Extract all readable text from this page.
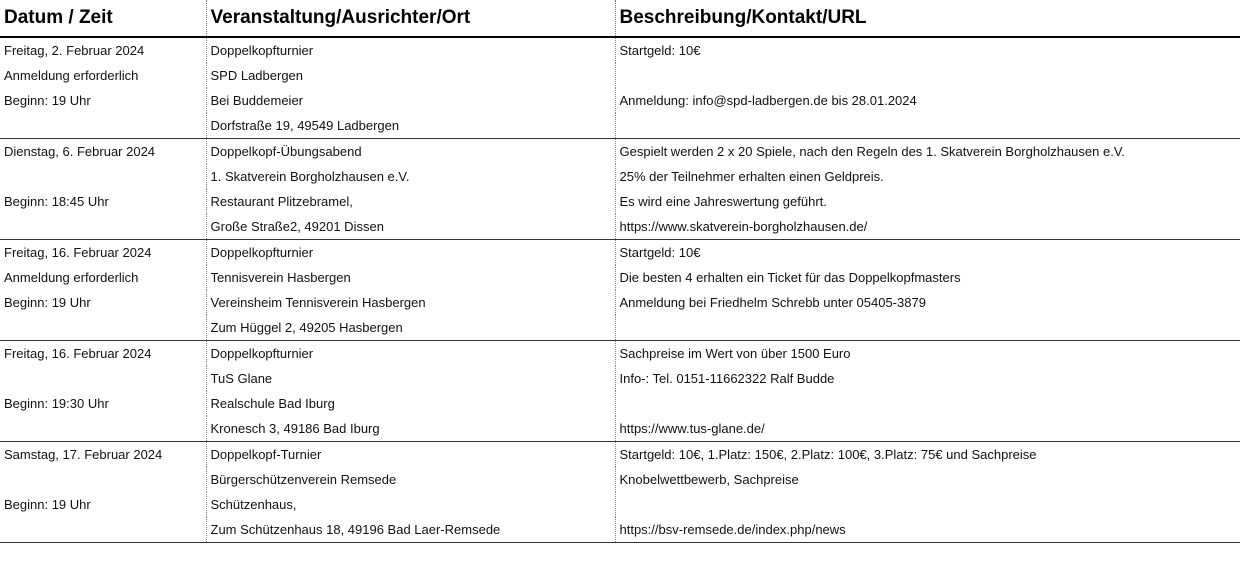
Datum / Zeit	Veranstaltung/Ausrichter/Ort	Beschreibung/Kontakt/URL
Freitag, 2. Februar 2024	Doppelkopfturnier	Startgeld: 10€
Anmeldung erforderlich	SPD Ladbergen	
Beginn: 19 Uhr	Bei Buddemeier	Anmeldung: info@spd-ladbergen.de bis 28.01.2024
	Dorfstraße 19, 49549 Ladbergen	
Dienstag, 6. Februar 2024	Doppelkopf-Übungsabend	Gespielt werden 2 x 20 Spiele, nach den Regeln des 1. Skatverein Borgholzhausen e.V.
	1. Skatverein Borgholzhausen e.V.	25% der Teilnehmer erhalten einen Geldpreis.
Beginn: 18:45 Uhr	Restaurant Plitzebramel,	Es wird eine Jahreswertung geführt.
	Große Straße2, 49201 Dissen	https://www.skatverein-borgholzhausen.de/
Freitag, 16. Februar 2024	Doppelkopfturnier	Startgeld: 10€
Anmeldung erforderlich	Tennisverein Hasbergen	Die besten 4 erhalten ein Ticket für das Doppelkopfmasters
Beginn: 19 Uhr	Vereinsheim Tennisverein Hasbergen	Anmeldung bei Friedhelm Schrebb unter 05405-3879
	Zum Hüggel 2, 49205 Hasbergen	
Freitag, 16. Februar 2024	Doppelkopfturnier	Sachpreise im Wert von über 1500 Euro
	TuS Glane	Info-: Tel. 0151-11662322 Ralf Budde
Beginn: 19:30 Uhr	Realschule Bad Iburg	
	Kronesch 3, 49186 Bad Iburg	https://www.tus-glane.de/
Samstag, 17. Februar 2024	Doppelkopf-Turnier	Startgeld: 10€, 1.Platz: 150€, 2.Platz: 100€, 3.Platz: 75€ und Sachpreise
	Bürgerschützenverein Remsede	Knobelwettbewerb, Sachpreise
Beginn: 19 Uhr	Schützenhaus,	
	Zum Schützenhaus 18, 49196 Bad Laer-Remsede	https://bsv-remsede.de/index.php/news
